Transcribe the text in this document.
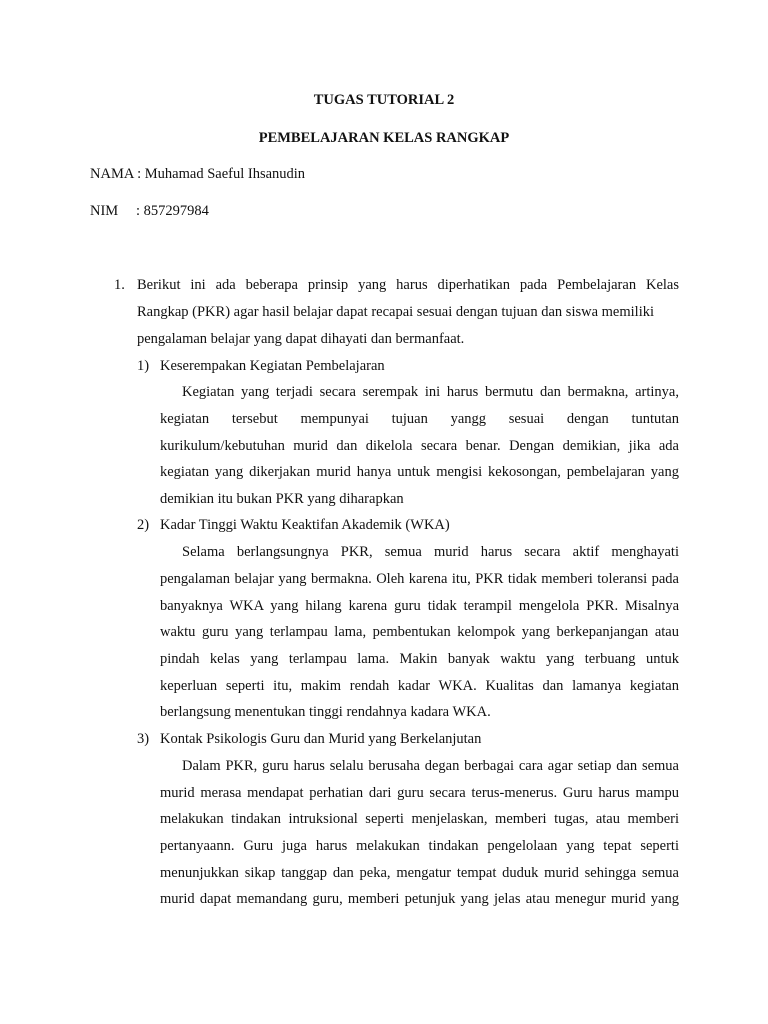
TUGAS TUTORIAL 2
PEMBELAJARAN KELAS RANGKAP
NAMA : Muhamad Saeful Ihsanudin
NIM : 857297984
1. Berikut ini ada beberapa prinsip yang harus diperhatikan pada Pembelajaran Kelas
Rangkap (PKR) agar hasil belajar dapat recapai sesuai dengan tujuan dan siswa memiliki
pengalaman belajar yang dapat dihayati dan bermanfaat.
1) Keserempakan Kegiatan Pembelajaran
Kegiatan yang terjadi secara serempak ini harus bermutu dan bermakna, artinya,
kegiatan tersebut mempunyai tujuan yangg sesuai dengan tuntutan
kurikulum/kebutuhan murid dan dikelola secara benar. Dengan demikian, jika ada
kegiatan yang dikerjakan murid hanya untuk mengisi kekosongan, pembelajaran yang
demikian itu bukan PKR yang diharapkan
2) Kadar Tinggi Waktu Keaktifan Akademik (WKA)
Selama berlangsungnya PKR, semua murid harus secara aktif menghayati
pengalaman belajar yang bermakna. Oleh karena itu, PKR tidak memberi toleransi pada
banyaknya WKA yang hilang karena guru tidak terampil mengelola PKR. Misalnya
waktu guru yang terlampau lama, pembentukan kelompok yang berkepanjangan atau
pindah kelas yang terlampau lama. Makin banyak waktu yang terbuang untuk
keperluan seperti itu, makim rendah kadar WKA. Kualitas dan lamanya kegiatan
berlangsung menentukan tinggi rendahnya kadara WKA.
3) Kontak Psikologis Guru dan Murid yang Berkelanjutan
Dalam PKR, guru harus selalu berusaha degan berbagai cara agar setiap dan semua
murid merasa mendapat perhatian dari guru secara terus-menerus. Guru harus mampu
melakukan tindakan intruksional seperti menjelaskan, memberi tugas, atau memberi
pertanyaann. Guru juga harus melakukan tindakan pengelolaan yang tepat seperti
menunjukkan sikap tanggap dan peka, mengatur tempat duduk murid sehingga semua
murid dapat memandang guru, memberi petunjuk yang jelas atau menegur murid yang
